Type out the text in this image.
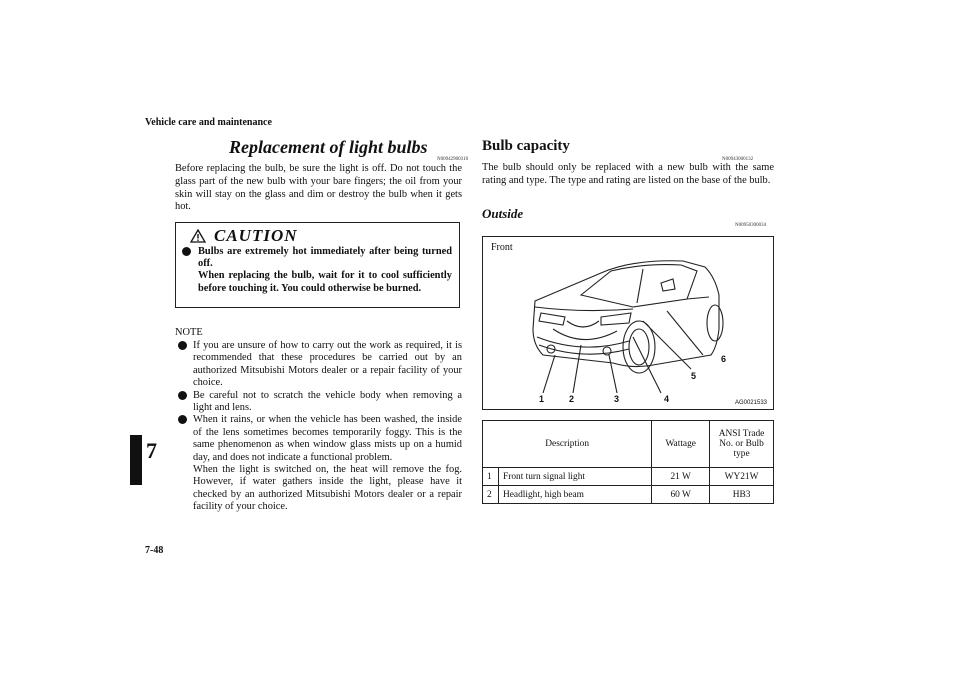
Vehicle care and maintenance
7
7-48
Replacement of light bulbs
N00942900310
Before replacing the bulb, be sure the light is off. Do not touch the glass part of the new bulb with your bare fingers; the oil from your skin will stay on the glass and dim or destroy the bulb when it gets hot.
CAUTION
Bulbs are extremely hot immediately after being turned off.
When replacing the bulb, wait for it to cool sufficiently before touching it. You could otherwise be burned.
NOTE
If you are unsure of how to carry out the work as required, it is recommended that these procedures be carried out by an authorized Mitsubishi Motors dealer or a repair facility of your choice.
Be careful not to scratch the vehicle body when removing a light and lens.
When it rains, or when the vehicle has been washed, the inside of the lens sometimes becomes temporarily foggy. This is the same phenomenon as when window glass mists up on a humid day, and does not indicate a functional problem.
When the light is switched on, the heat will remove the fog. However, if water gathers inside the light, please have it checked by an authorized Mitsubishi Motors dealer or a repair facility of your choice.
Bulb capacity
N00943000132
The bulb should only be replaced with a new bulb with the same rating and type. The type and rating are listed on the base of the bulb.
Outside
N00950300034
Front
1	2	3	4
5
6
AG0021533
Description		Wattage	ANSI Trade No. or Bulb type
1	Front turn signal light	21 W	WY21W
2	Headlight, high beam	60 W	HB3
